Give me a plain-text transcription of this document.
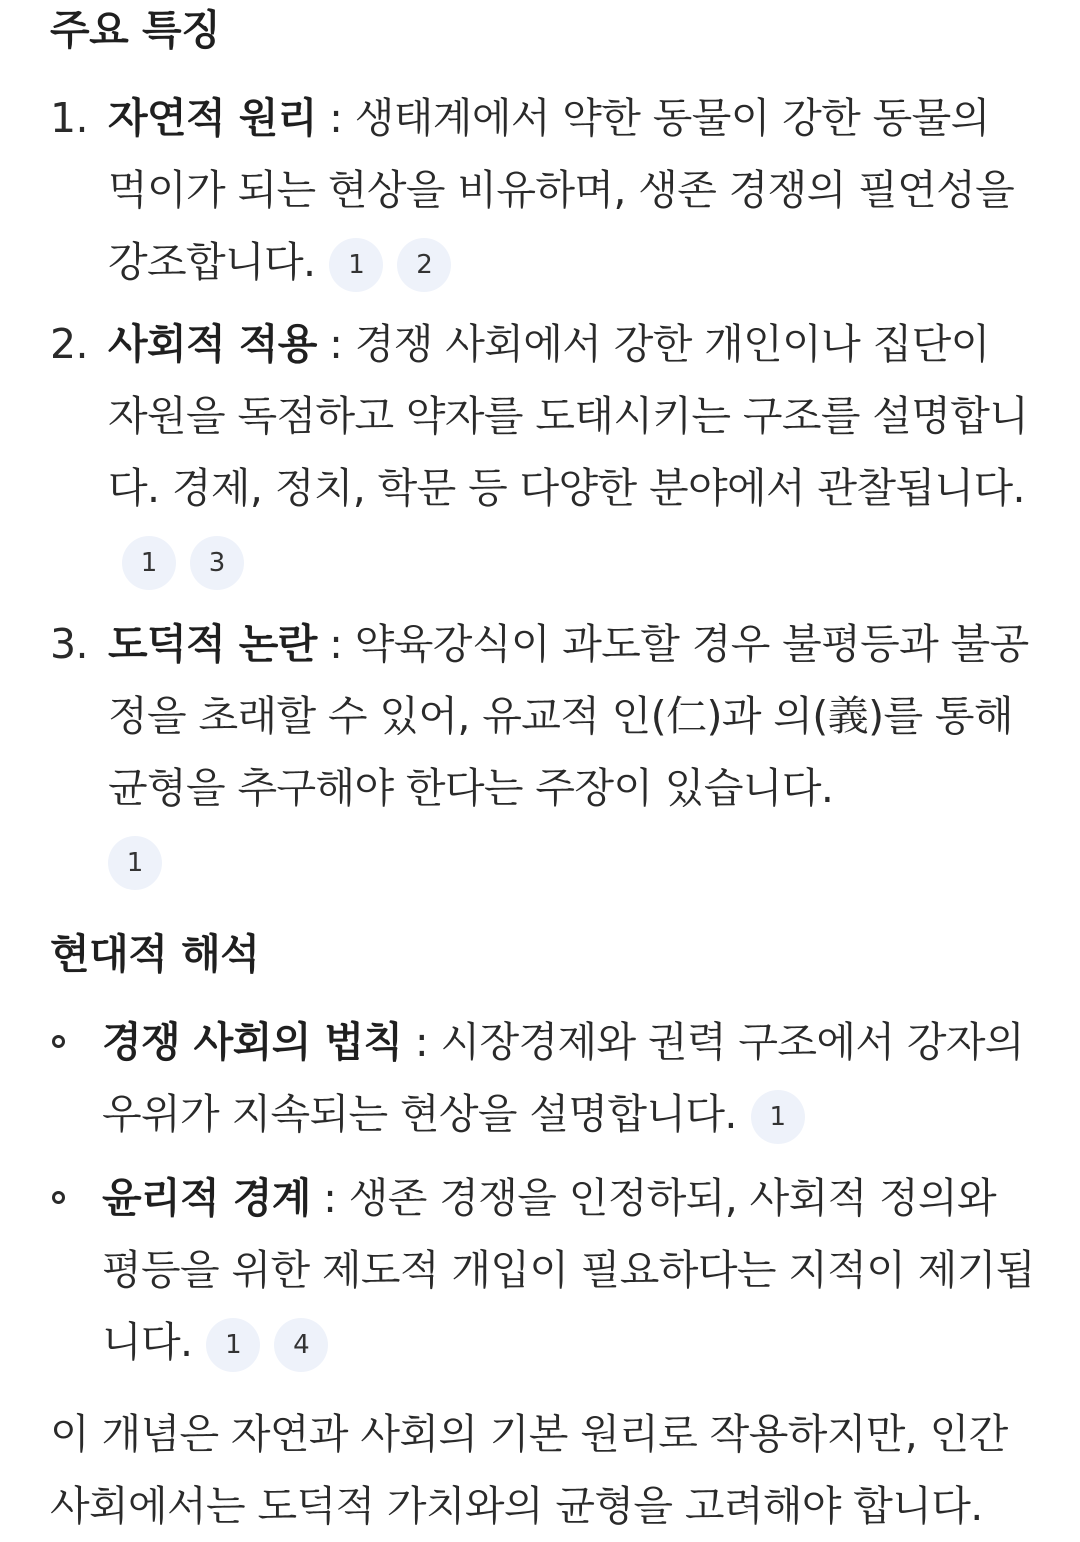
주요 특징
1. 자연적 원리 : 생태계에서 약한 동물이 강한 동물의 먹이가 되는 현상을 비유하며, 생존 경쟁의 필연성을 강조합니다. 1 2
2. 사회적 적용 : 경쟁 사회에서 강한 개인이나 집단이 자원을 독점하고 약자를 도태시키는 구조를 설명합니다. 경제, 정치, 학문 등 다양한 분야에서 관찰됩니다.1 3
3. 도덕적 논란 : 약육강식이 과도할 경우 불평등과 불공정을 초래할 수 있어, 유교적 인(仁)과 의(義)를 통해 균형을 추구해야 한다는 주장이 있습니다.
1
현대적 해석
경쟁 사회의 법칙 : 시장경제와 권력 구조에서 강자의 우위가 지속되는 현상을 설명합니다. 1
윤리적 경계 : 생존 경쟁을 인정하되, 사회적 정의와 평등을 위한 제도적 개입이 필요하다는 지적이 제기됩니다. 1 4
이 개념은 자연과 사회의 기본 원리로 작용하지만, 인간 사회에서는 도덕적 가치와의 균형을 고려해야 합니다.
